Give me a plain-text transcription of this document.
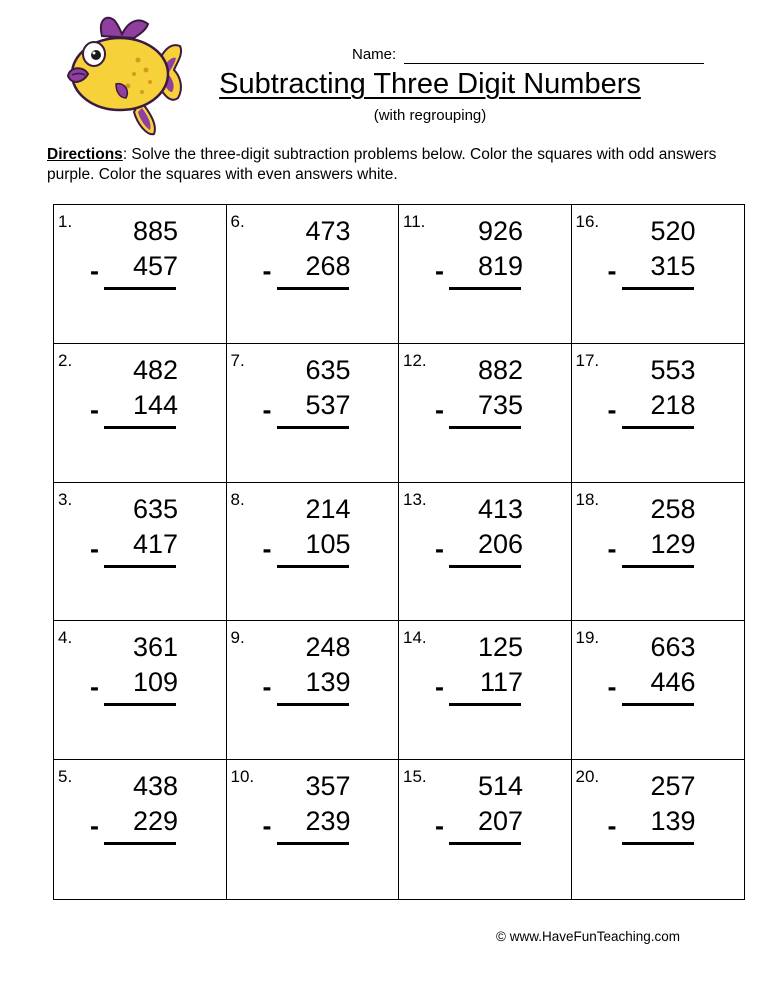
Name:
Subtracting Three Digit Numbers
(with regrouping)
Directions: Solve the three-digit subtraction problems below. Color the squares with odd answers purple. Color the squares with even answers white.
1.	885
-	457
6.	473
-	268
11.	926
-	819
16.	520
-	315
2.	482
-	144
7.	635
-	537
12.	882
-	735
17.	553
-	218
3.	635
-	417
8.	214
-	105
13.	413
-	206
18.	258
-	129
4.	361
-	109
9.	248
-	139
14.	125
-	117
19.	663
-	446
5.	438
-	229
10.	357
-	239
15.	514
-	207
20.	257
-	139
© www.HaveFunTeaching.com
